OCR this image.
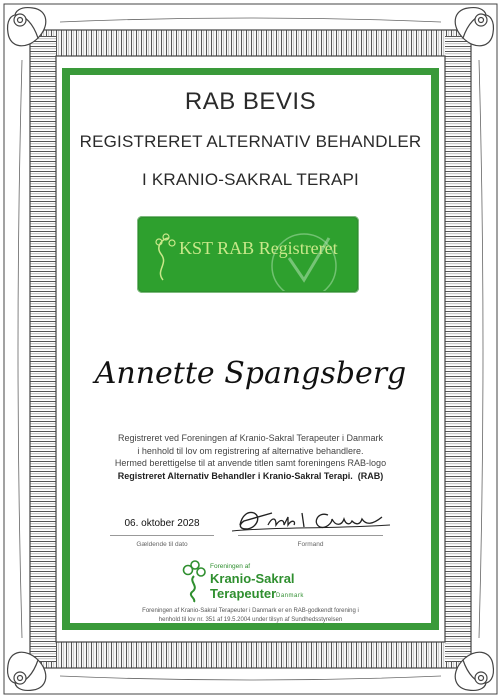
RAB BEVIS
REGISTRERET ALTERNATIV BEHANDLER
I KRANIO-SAKRAL TERAPI
KST RAB Registreret
Annette Spangsberg
Registreret ved Foreningen af Kranio-Sakral Terapeuter i Danmark
i henhold til lov om registrering af alternative behandlere.
Hermed berettigelse til at anvende titlen samt foreningens RAB-logo
Registreret Alternativ Behandler i Kranio-Sakral Terapi. (RAB)
06. oktober 2028
Gældende til dato	Formand
Foreningen af
Kranio-Sakral
Terapeuter
i Danmark
Foreningen af Kranio-Sakral Terapeuter i Danmark er en RAB-godkendt forening i
henhold til lov nr. 351 af 19.5.2004 under tilsyn af Sundhedsstyrelsen
